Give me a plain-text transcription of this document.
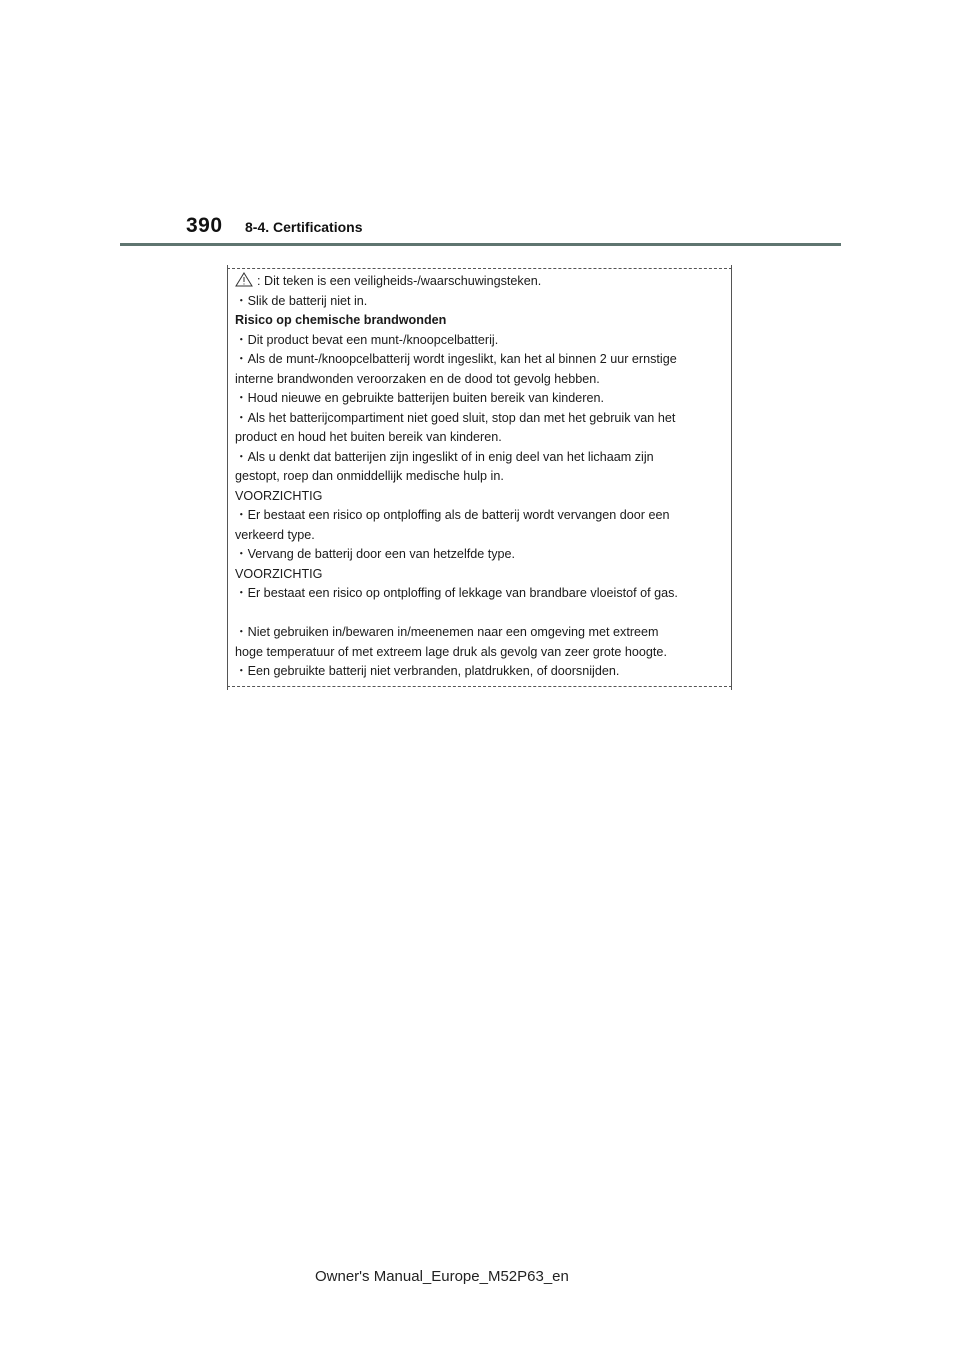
390 8-4. Certifications
: Dit teken is een veiligheids-/waarschuwingsteken.
・Slik de batterij niet in.
Risico op chemische brandwonden
・Dit product bevat een munt-/knoopcelbatterij.
・Als de munt-/knoopcelbatterij wordt ingeslikt, kan het al binnen 2 uur ernstige
interne brandwonden veroorzaken en de dood tot gevolg hebben.
・Houd nieuwe en gebruikte batterijen buiten bereik van kinderen.
・Als het batterijcompartiment niet goed sluit, stop dan met het gebruik van het
product en houd het buiten bereik van kinderen.
・Als u denkt dat batterijen zijn ingeslikt of in enig deel van het lichaam zijn
gestopt, roep dan onmiddellijk medische hulp in.
VOORZICHTIG
・Er bestaat een risico op ontploffing als de batterij wordt vervangen door een
verkeerd type.
・Vervang de batterij door een van hetzelfde type.
VOORZICHTIG
・Er bestaat een risico op ontploffing of lekkage van brandbare vloeistof of gas.
・Niet gebruiken in/bewaren in/meenemen naar een omgeving met extreem
hoge temperatuur of met extreem lage druk als gevolg van zeer grote hoogte.
・Een gebruikte batterij niet verbranden, platdrukken, of doorsnijden.
Owner's Manual_Europe_M52P63_en
